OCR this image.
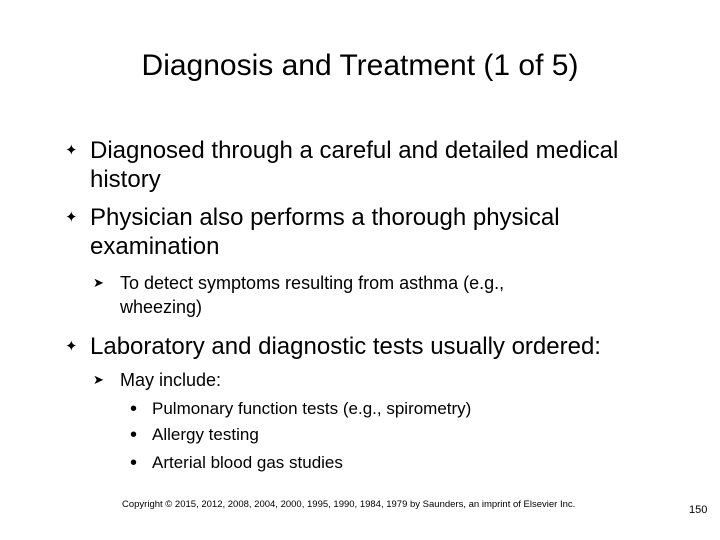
Diagnosis and Treatment (1 of 5)
✦ Diagnosed through a careful and detailed medical
history
✦ Physician also performs a thorough physical
examination
➤ To detect symptoms resulting from asthma (e.g.,
wheezing)
✦ Laboratory and diagnostic tests usually ordered:
➤ May include:
• Pulmonary function tests (e.g., spirometry)
• Allergy testing
• Arterial blood gas studies
Copyright © 2015, 2012, 2008, 2004, 2000, 1995, 1990, 1984, 1979 by Saunders, an imprint of Elsevier Inc.	150
